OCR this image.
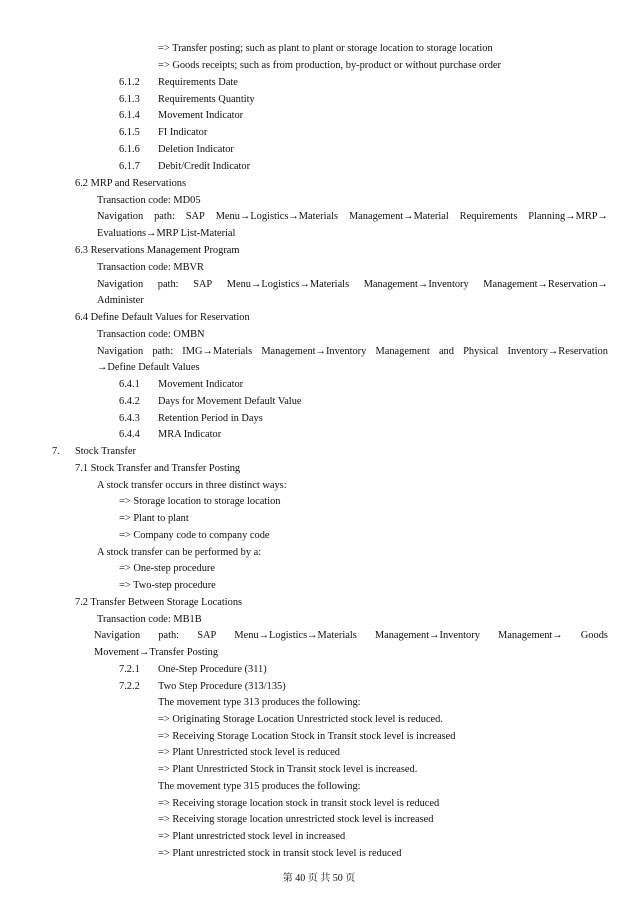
=> Transfer posting; such as plant to plant or storage location to storage location
=> Goods receipts; such as from production, by-product or without purchase order
6.1.2 Requirements Date
6.1.3 Requirements Quantity
6.1.4 Movement Indicator
6.1.5 FI Indicator
6.1.6 Deletion Indicator
6.1.7 Debit/Credit Indicator
6.2 MRP and Reservations
Transaction code: MD05
Navigation path: SAP Menu→Logistics→Materials Management→Material Requirements Planning→MRP→
Evaluations→MRP List-Material
6.3 Reservations Management Program
Transaction code: MBVR
Navigation path: SAP Menu→Logistics→Materials Management→Inventory Management→Reservation→
Administer
6.4 Define Default Values for Reservation
Transaction code: OMBN
Navigation path: IMG→Materials Management→Inventory Management and Physical Inventory→Reservation
→Define Default Values
6.4.1 Movement Indicator
6.4.2 Days for Movement Default Value
6.4.3 Retention Period in Days
6.4.4 MRA Indicator
7. Stock Transfer
7.1 Stock Transfer and Transfer Posting
A stock transfer occurs in three distinct ways:
=> Storage location to storage location
=> Plant to plant
=> Company code to company code
A stock transfer can be performed by a:
=> One-step procedure
=> Two-step procedure
7.2 Transfer Between Storage Locations
Transaction code: MB1B
Navigation path: SAP Menu→Logistics→Materials Management→Inventory Management→ Goods
Movement→Transfer Posting
7.2.1 One-Step Procedure (311)
7.2.2 Two Step Procedure (313/135)
The movement type 313 produces the following:
=> Originating Storage Location Unrestricted stock level is reduced.
=> Receiving Storage Location Stock in Transit stock level is increased
=> Plant Unrestricted stock level is reduced
=> Plant Unrestricted Stock in Transit stock level is increased.
The movement type 315 produces the following:
=> Receiving storage location stock in transit stock level is reduced
=> Receiving storage location unrestricted stock level is increased
=> Plant unrestricted stock level in increased
=> Plant unrestricted stock in transit stock level is reduced
第 40 页 共 50 页
